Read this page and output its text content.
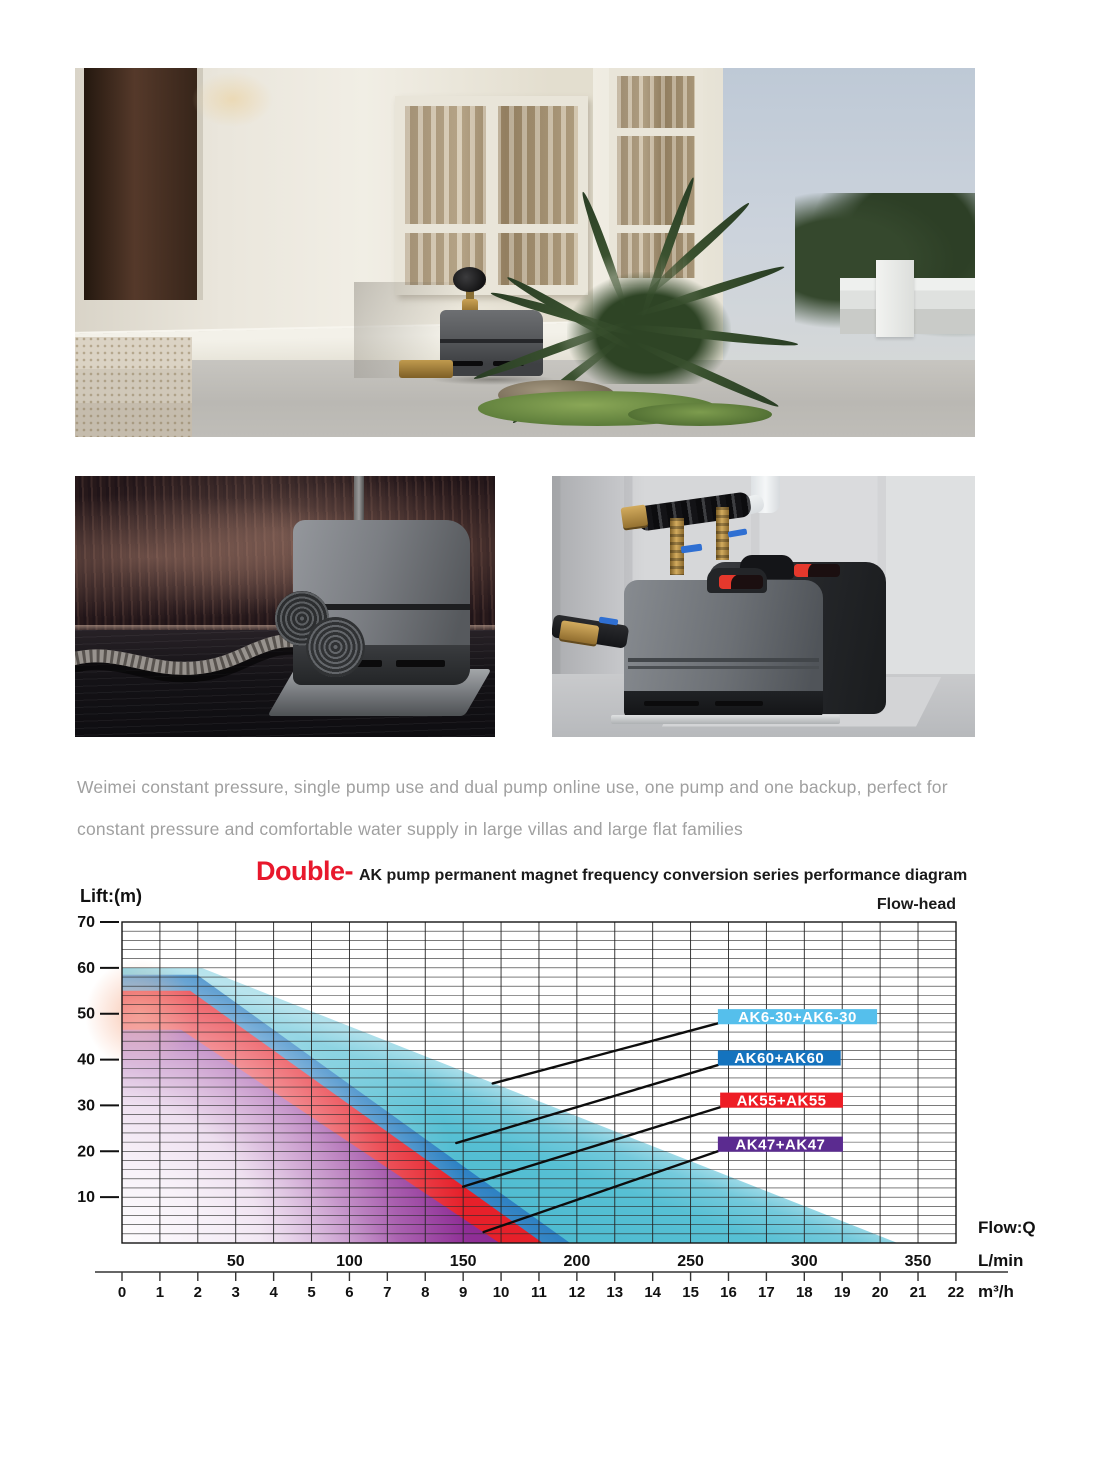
Weimei constant pressure, single pump use and dual pump online use, one pump and one backup, perfect for constant pressure and comfortable water supply in large villas and large flat families

70
60
50
40
30
20
10
50	100	150	200	250	300	350
Flow:Q
L/min
0 1 2 3 4 5 6 7 8 9 10 11 12 13 14 15 16 17 18 19 20 21 22 m³/h
AK6-30+AK6-30
AK60+AK60
AK55+AK55
AK47+AK47
Double- AK pump permanent magnet frequency conversion series performance diagram
Flow-head
Lift:(m)
